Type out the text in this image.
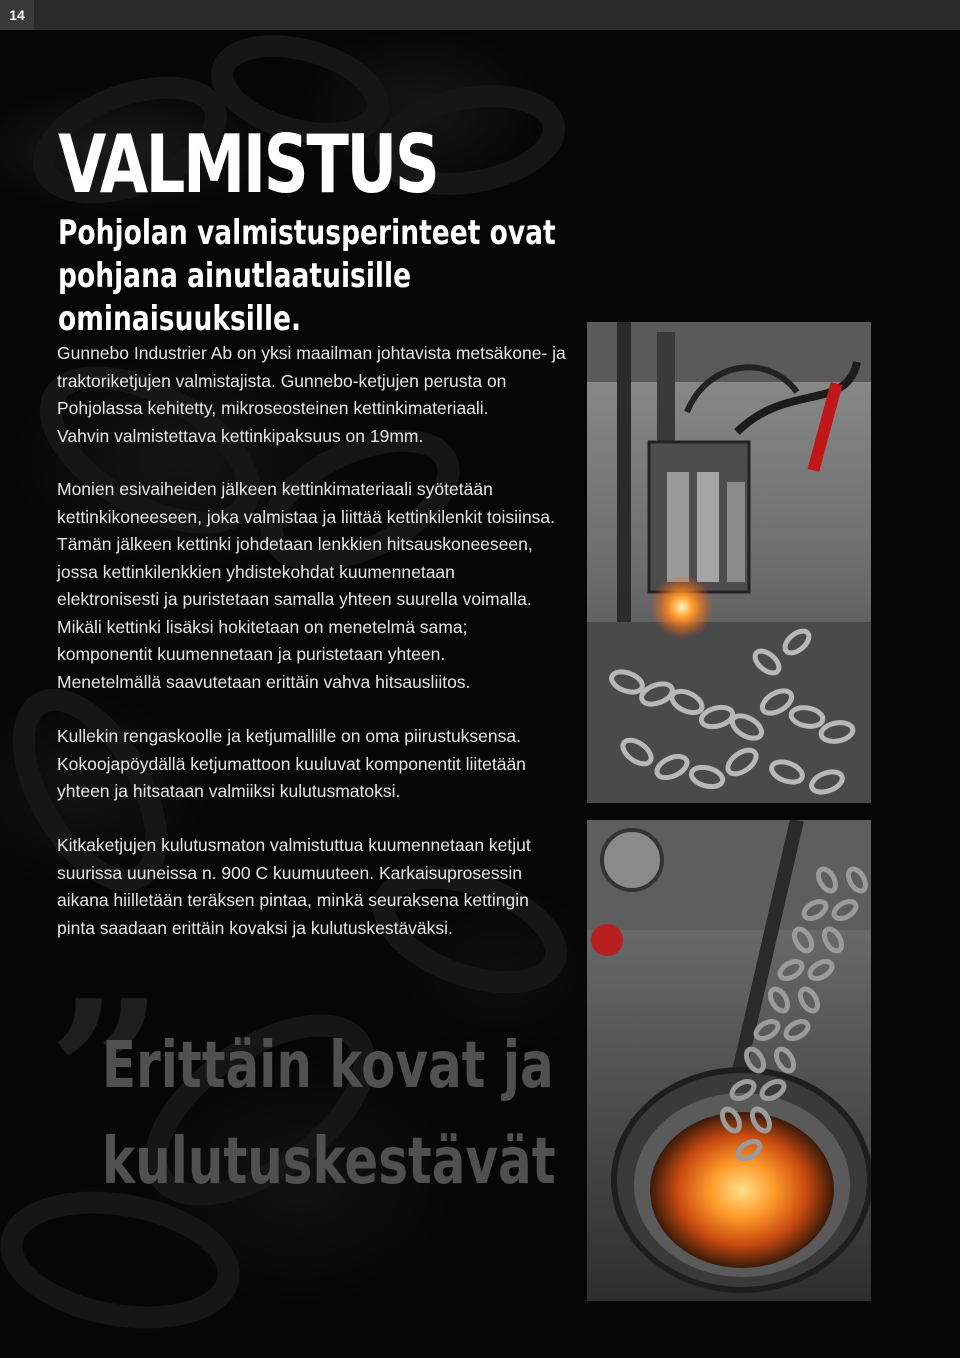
14
VALMISTUS
Pohjolan valmistusperinteet ovat
pohjana ainutlaatuisille ominaisuuksille.

Gunnebo Industrier Ab on yksi maailman johtavista metsäkone- ja

traktoriketjujen valmistajista. Gunnebo-ketjujen perusta on

Pohjolassa kehitetty, mikroseosteinen kettinkimateriaali.

Vahvin valmistettava kettinkipaksuus on 19mm.

Monien esivaiheiden jälkeen kettinkimateriaali syötetään

kettinkikoneeseen, joka valmistaa ja liittää kettinkilenkit toisiinsa.

Tämän jälkeen kettinki johdetaan lenkkien hitsauskoneeseen,

jossa kettinkilenkkien yhdistekohdat kuumennetaan

elektronisesti ja puristetaan samalla yhteen suurella voimalla.

Mikäli kettinki lisäksi hokitetaan on menetelmä sama;

komponentit kuumennetaan ja puristetaan yhteen.

Menetelmällä saavutetaan erittäin vahva hitsausliitos.

Kullekin rengaskoolle ja ketjumallille on oma piirustuksensa.

Kokoojapöydällä ketjumattoon kuuluvat komponentit liitetään

yhteen ja hitsataan valmiiksi kulutusmatoksi.

Kitkaketjujen kulutusmaton valmistuttua kuumennetaan ketjut

suurissa uuneissa n. 900 C kuumuuteen. Karkaisuprosessin

aikana hiilletään teräksen pintaa, minkä seuraksena kettingin

pinta saadaan erittäin kovaksi ja kulutuskestäväksi.

”
Erittäin kovat ja
kulutuskestävät
